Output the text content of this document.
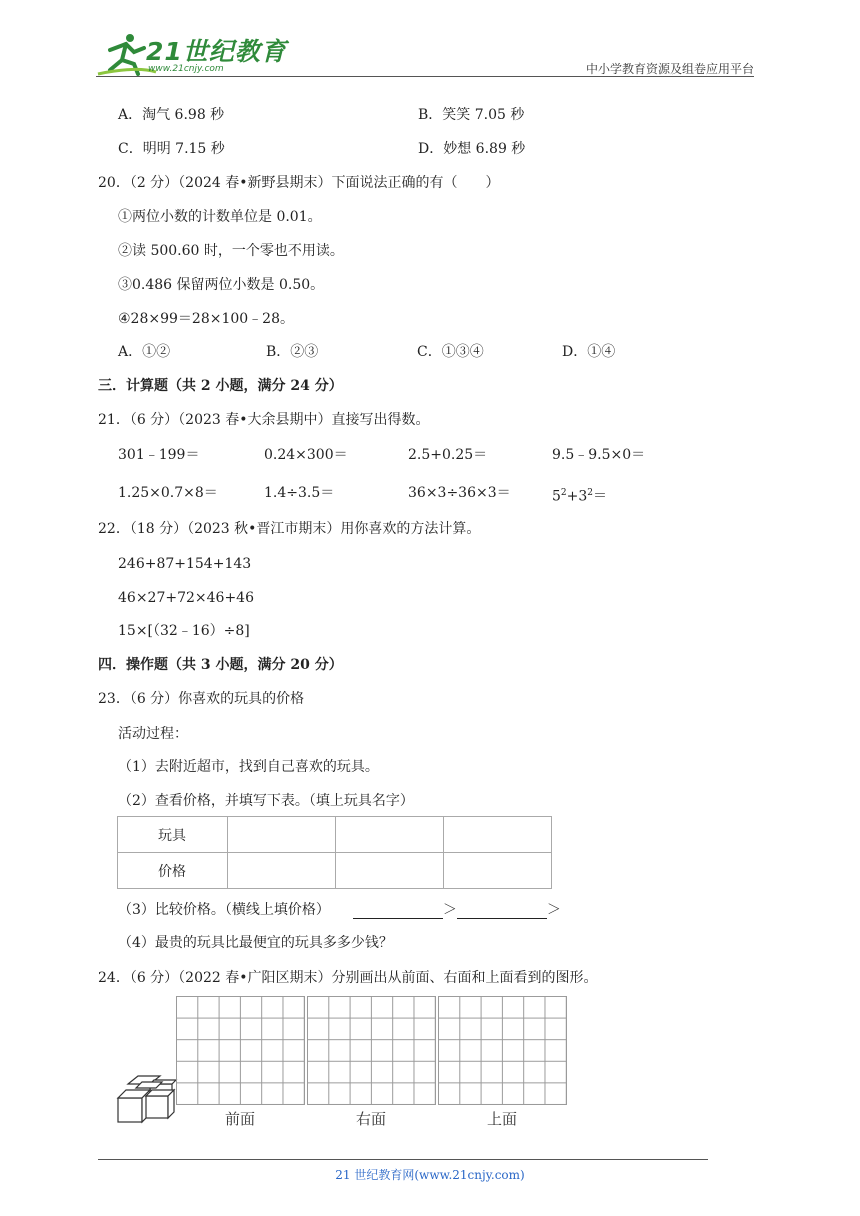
21世纪教育
www.21cnjy.com	中小学教育资源及组卷应用平台
A．淘气 6.98 秒	B．笑笑 7.05 秒
C．明明 7.15 秒	D．妙想 6.89 秒
20．（2 分）（2024 春•新野县期末）下面说法正确的有（　　）
①两位小数的计数单位是 0.01。
②读 500.60 时，一个零也不用读。
③0.486 保留两位小数是 0.50。
④28×99＝28×100﹣28。
A．①②	B．②③	C．①③④	D．①④
三．计算题（共 2 小题，满分 24 分）
21．（6 分）（2023 春•大余县期中）直接写出得数。
301﹣199＝	0.24×300＝	2.5+0.25＝	9.5﹣9.5×0＝
1.25×0.7×8＝	1.4÷3.5＝	36×3÷36×3＝	$5^2+3^2=$
22．（18 分）（2023 秋•晋江市期末）用你喜欢的方法计算。
246+87+154+143
46×27+72×46+46
15×[（32﹣16）÷8]
四．操作题（共 3 小题，满分 20 分）
23．（6 分）你喜欢的玩具的价格
活动过程：
（1）去附近超市，找到自己喜欢的玩具。
（2）查看价格，并填写下表。（填上玩具名字）
玩具			
价格			
（3）比较价格。（横线上填价格）	＞	＞
（4）最贵的玩具比最便宜的玩具多多少钱？
24．（6 分）（2022 春•广阳区期末）分别画出从前面、右面和上面看到的图形。
前面	右面	上面
21 世纪教育网(www.21cnjy.com)
